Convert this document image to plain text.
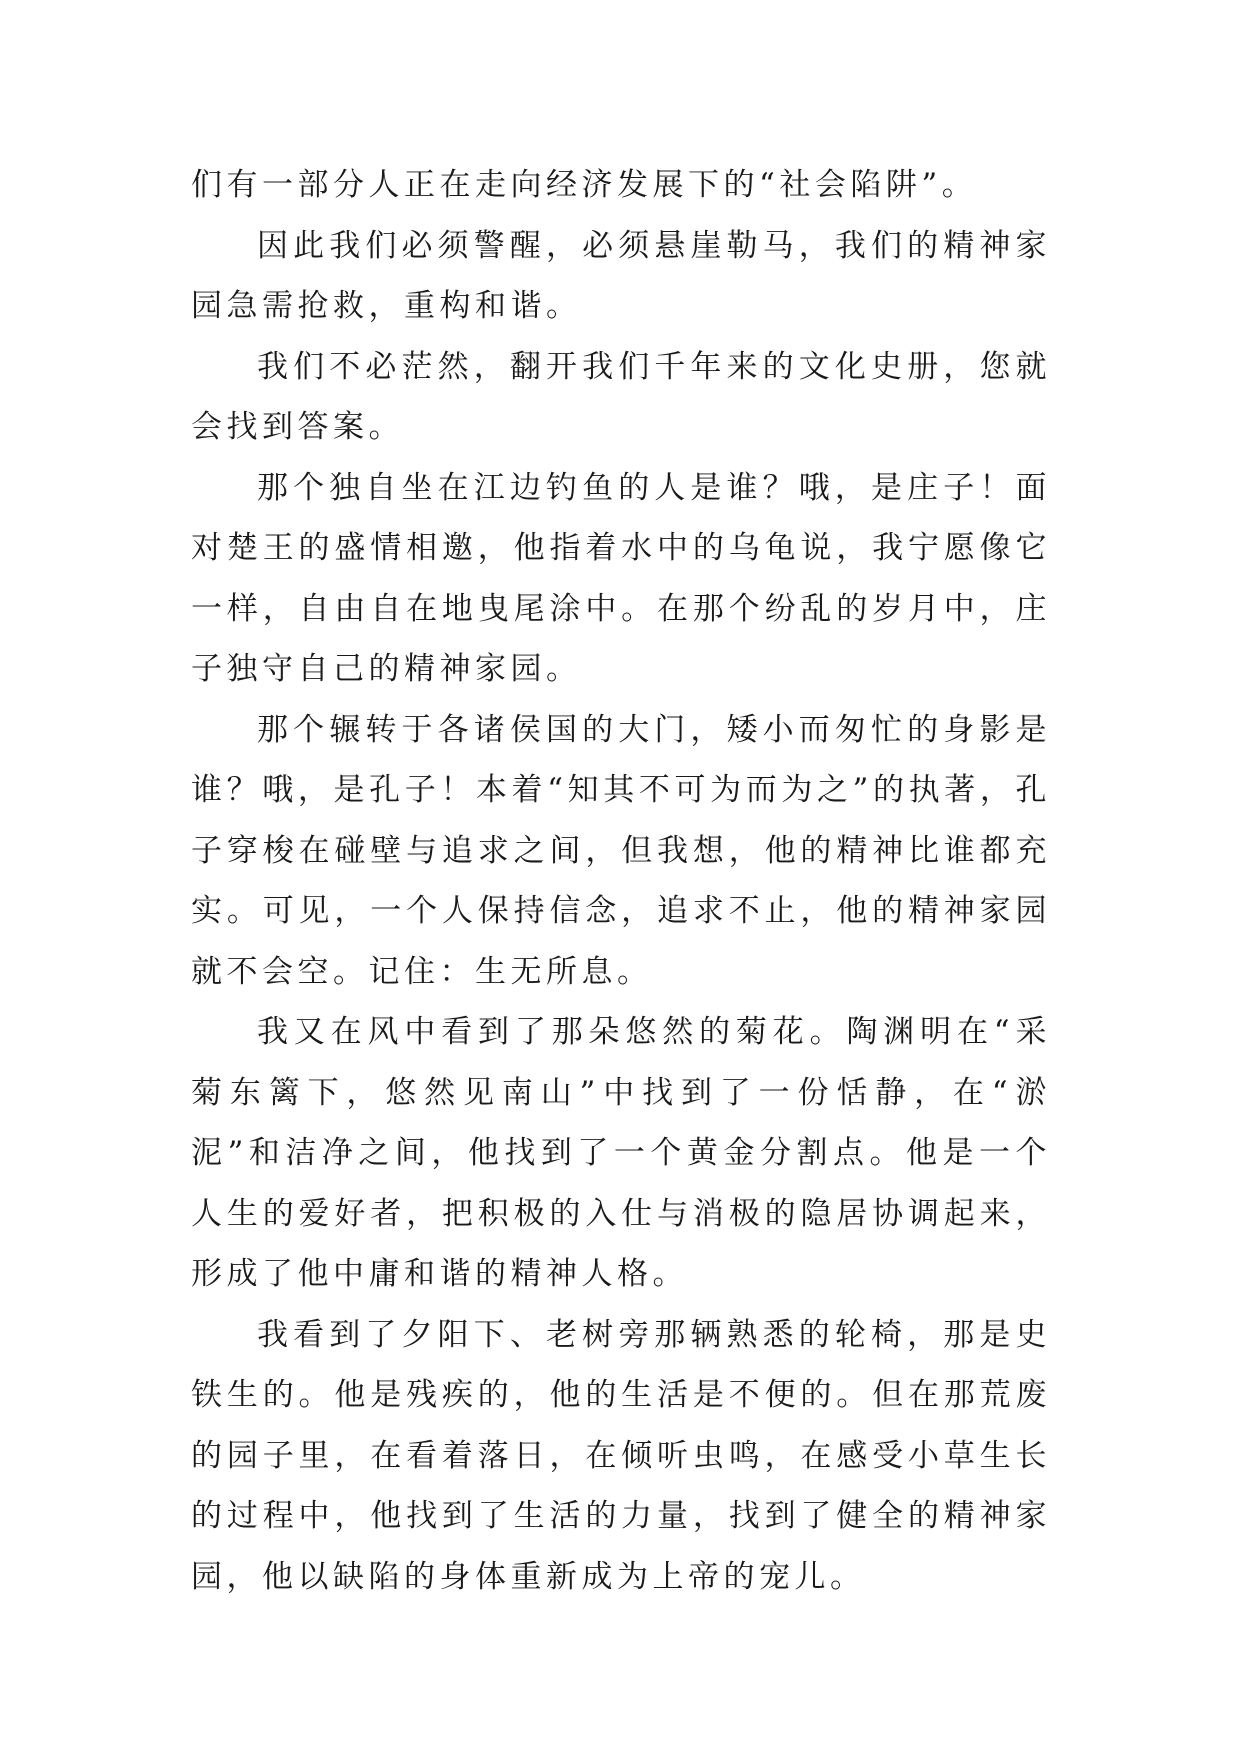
们有一部分人正在走向经济发展下的“社会陷阱”。

因此我们必须警醒，必须悬崖勒马，我们的精神家园急需抢救，重构和谐。

我们不必茫然，翻开我们千年来的文化史册，您就会找到答案。

那个独自坐在江边钓鱼的人是谁？哦，是庄子！面对楚王的盛情相邀，他指着水中的乌龟说，我宁愿像它一样，自由自在地曳尾涂中。在那个纷乱的岁月中，庄子独守自己的精神家园。

那个辗转于各诸侯国的大门，矮小而匆忙的身影是谁？哦，是孔子！本着“知其不可为而为之”的执著，孔子穿梭在碰壁与追求之间，但我想，他的精神比谁都充实。可见，一个人保持信念，追求不止，他的精神家园就不会空。记住：生无所息。

我又在风中看到了那朵悠然的菊花。陶渊明在“采菊东篱下，悠然见南山”中找到了一份恬静，在“淤泥”和洁净之间，他找到了一个黄金分割点。他是一个人生的爱好者，把积极的入仕与消极的隐居协调起来，形成了他中庸和谐的精神人格。

我看到了夕阳下、老树旁那辆熟悉的轮椅，那是史铁生的。他是残疾的，他的生活是不便的。但在那荒废的园子里，在看着落日，在倾听虫鸣，在感受小草生长的过程中，他找到了生活的力量，找到了健全的精神家园，他以缺陷的身体重新成为上帝的宠儿。
